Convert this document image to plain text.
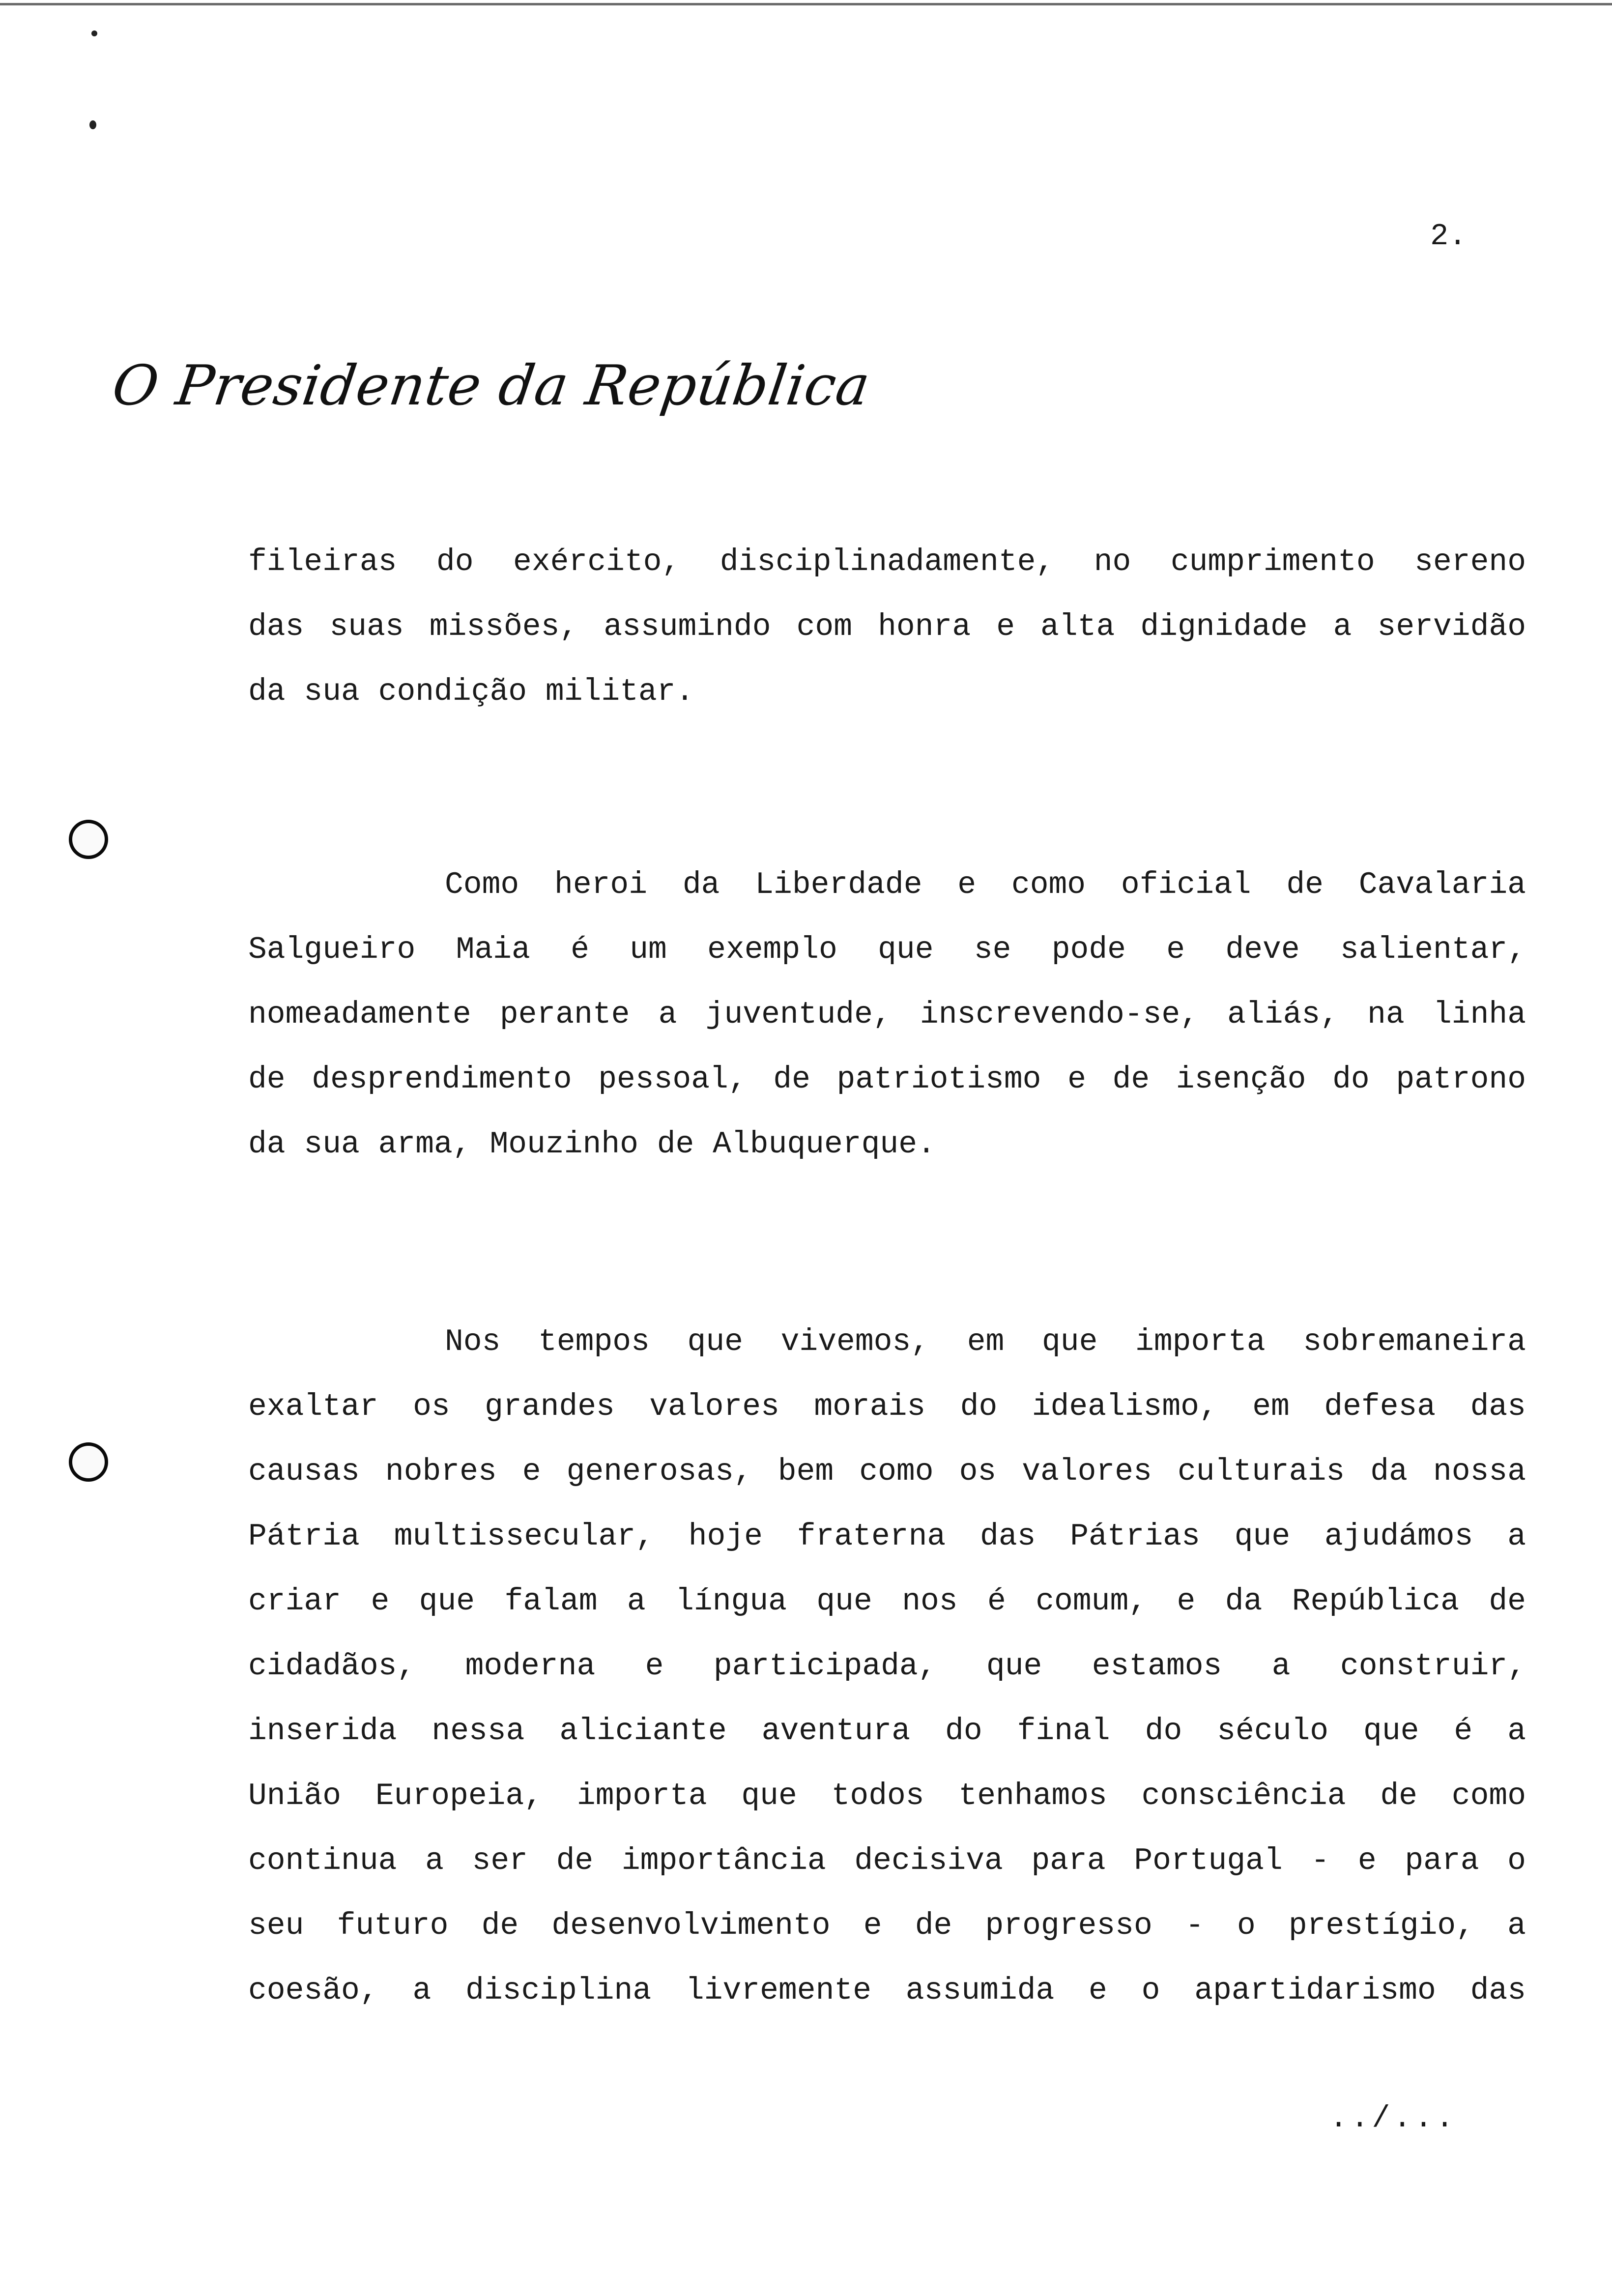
2.
O Presidente da República
fileiras do exército, disciplinadamente, no cumprimento sereno
das suas missões, assumindo com honra e alta dignidade a servidão
da sua condição militar.
Como heroi da Liberdade e como oficial de Cavalaria
Salgueiro Maia é um exemplo que se pode e deve salientar,
nomeadamente perante a juventude, inscrevendo-se, aliás, na linha
de desprendimento pessoal, de patriotismo e de isenção do patrono
da sua arma, Mouzinho de Albuquerque.
Nos tempos que vivemos, em que importa sobremaneira
exaltar os grandes valores morais do idealismo, em defesa das
causas nobres e generosas, bem como os valores culturais da nossa
Pátria multissecular, hoje fraterna das Pátrias que ajudámos a
criar e que falam a língua que nos é comum, e da República de
cidadãos, moderna e participada, que estamos a construir,
inserida nessa aliciante aventura do final do século que é a
União Europeia, importa que todos tenhamos consciência de como
continua a ser de importância decisiva para Portugal - e para o
seu futuro de desenvolvimento e de progresso - o prestígio, a
coesão, a disciplina livremente assumida e o apartidarismo das
../...
